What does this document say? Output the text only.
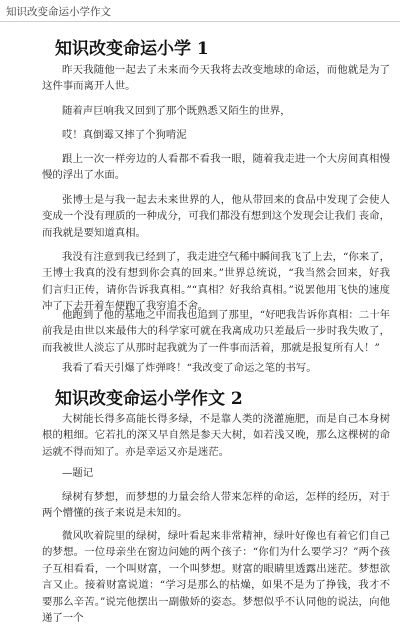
知识改变命运小学作文
知识改变命运小学 1
昨天我随他一起去了未来而今天我将去改变地球的命运，而他就是为了这件事而离开人世。
随着声巨响我又回到了那个既熟悉又陌生的世界，
哎！真倒霉又摔了个狗啃泥
跟上一次一样旁边的人看都不看我一眼，随着我走进一个大房间真相慢慢的浮出了水面。
张博士是与我一起去未来世界的人，他从带回来的食品中发现了会使人变成一个没有理质的一种成分，可我们都没有想到这个发现会让我们 丧命，而我就是要知道真相。
我没有注意到我已经到了，我走进空气稀中瞬间我飞了上去，“你来了，王博士我真的没有想到你会真的回来。”世界总统说，“我当然会回来，好我们言归正传，请你告诉我真相。”“真相？好我给真相。”说罢他用飞快的速度冲了下去开着车便跑了我穷追不舍。
他跑到了他的基地之中而我也追到了那里，“好吧我告诉你真相：二十年前我是由世以来最伟大的科学家可就在我离成功只差最后一步时我失败了，而我被世人淡忘了从那时起我就为了一件事而活着，那就是报复所有人！”
我看了看天引爆了炸弹咚！“我改变了命运之笔的书写。
知识改变命运小学作文 2
大树能长得多高能长得多绿，不是靠人类的浇灌施肥，而是自己本身树根的粗细。它若扎的深又早自然是参天大树，如若浅又晚，那么这棵树的命运就不得而知了。亦是幸运又亦是迷茫。
—题记
绿树有梦想，而梦想的力量会给人带来怎样的命运，怎样的经历，对于两个懵懂的孩子来说是未知的。
微风吹着院里的绿树，绿叶看起来非常精神，绿叶好像也有着它们自己的梦想。一位母亲坐在窗边问她的两个孩子：“你们为什么要学习？”两个孩子互相看看，一个叫财富，一个叫梦想。财富的眼睛里透露出迷茫。梦想欲言又止。接着财富说道：“学习是那么的枯燥，如果不是为了挣钱，我才不要那么辛苦。”说完他摆出一副傲娇的姿态。梦想似乎不认同他的说法，向他递了一个
